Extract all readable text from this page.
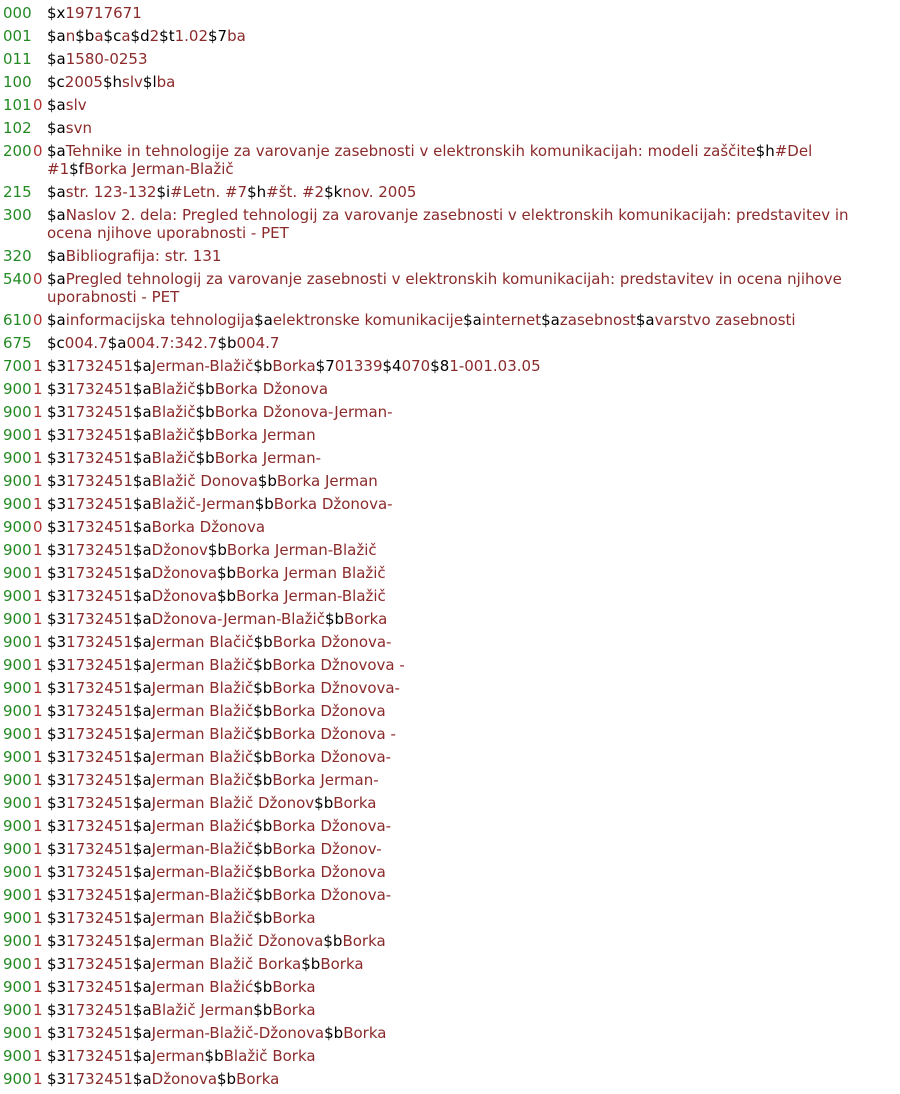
000 $x19717671
001 $an$ba$ca$d2$t1.02$7ba
011 $a1580-0253
100 $c2005$hslv$lba
101 0 $aslv
102 $asvn
200 0 $aTehnike in tehnologije za varovanje zasebnosti v elektronskih komunikacijah: modeli zaščite$h#Del #1$fBorka Jerman-Blažič
215 $astr. 123-132$i#Letn. #7$h#št. #2$knov. 2005
300 $aNaslov 2. dela: Pregled tehnologij za varovanje zasebnosti v elektronskih komunikacijah: predstavitev in ocena njihove uporabnosti - PET
320 $aBibliografija: str. 131
540 0 $aPregled tehnologij za varovanje zasebnosti v elektronskih komunikacijah: predstavitev in ocena njihove uporabnosti - PET
610 0 $ainformacijska tehnologija$aelektronske komunikacije$ainternet$azasebnost$avarstvo zasebnosti
675 $c004.7$a004.7:342.7$b004.7
700 1 $31732451$aJerman-Blažič$bBorka$701339$4070$81-001.03.05
900 1 $31732451$aBlažič$bBorka Džonova
900 1 $31732451$aBlažič$bBorka Džonova-Jerman-
900 1 $31732451$aBlažič$bBorka Jerman
900 1 $31732451$aBlažič$bBorka Jerman-
900 1 $31732451$aBlažič Donova$bBorka Jerman
900 1 $31732451$aBlažič-Jerman$bBorka Džonova-
900 0 $31732451$aBorka Džonova
900 1 $31732451$aDžonov$bBorka Jerman-Blažič
900 1 $31732451$aDžonova$bBorka Jerman Blažič
900 1 $31732451$aDžonova$bBorka Jerman-Blažič
900 1 $31732451$aDžonova-Jerman-Blažič$bBorka
900 1 $31732451$aJerman Blačič$bBorka Džonova-
900 1 $31732451$aJerman Blažič$bBorka Džnovova -
900 1 $31732451$aJerman Blažič$bBorka Džnovova-
900 1 $31732451$aJerman Blažič$bBorka Džonova
900 1 $31732451$aJerman Blažič$bBorka Džonova -
900 1 $31732451$aJerman Blažič$bBorka Džonova-
900 1 $31732451$aJerman Blažič$bBorka Jerman-
900 1 $31732451$aJerman Blažič Džonov$bBorka
900 1 $31732451$aJerman Blažić$bBorka Džonova-
900 1 $31732451$aJerman-Blažič$bBorka Džonov-
900 1 $31732451$aJerman-Blažič$bBorka Džonova
900 1 $31732451$aJerman-Blažič$bBorka Džonova-
900 1 $31732451$aJerman Blažič$bBorka
900 1 $31732451$aJerman Blažič Džonova$bBorka
900 1 $31732451$aJerman Blažič Borka$bBorka
900 1 $31732451$aJerman Blažić$bBorka
900 1 $31732451$aBlažič Jerman$bBorka
900 1 $31732451$aJerman-Blažič-Džonova$bBorka
900 1 $31732451$aJerman$bBlažič Borka
900 1 $31732451$aDžonova$bBorka
